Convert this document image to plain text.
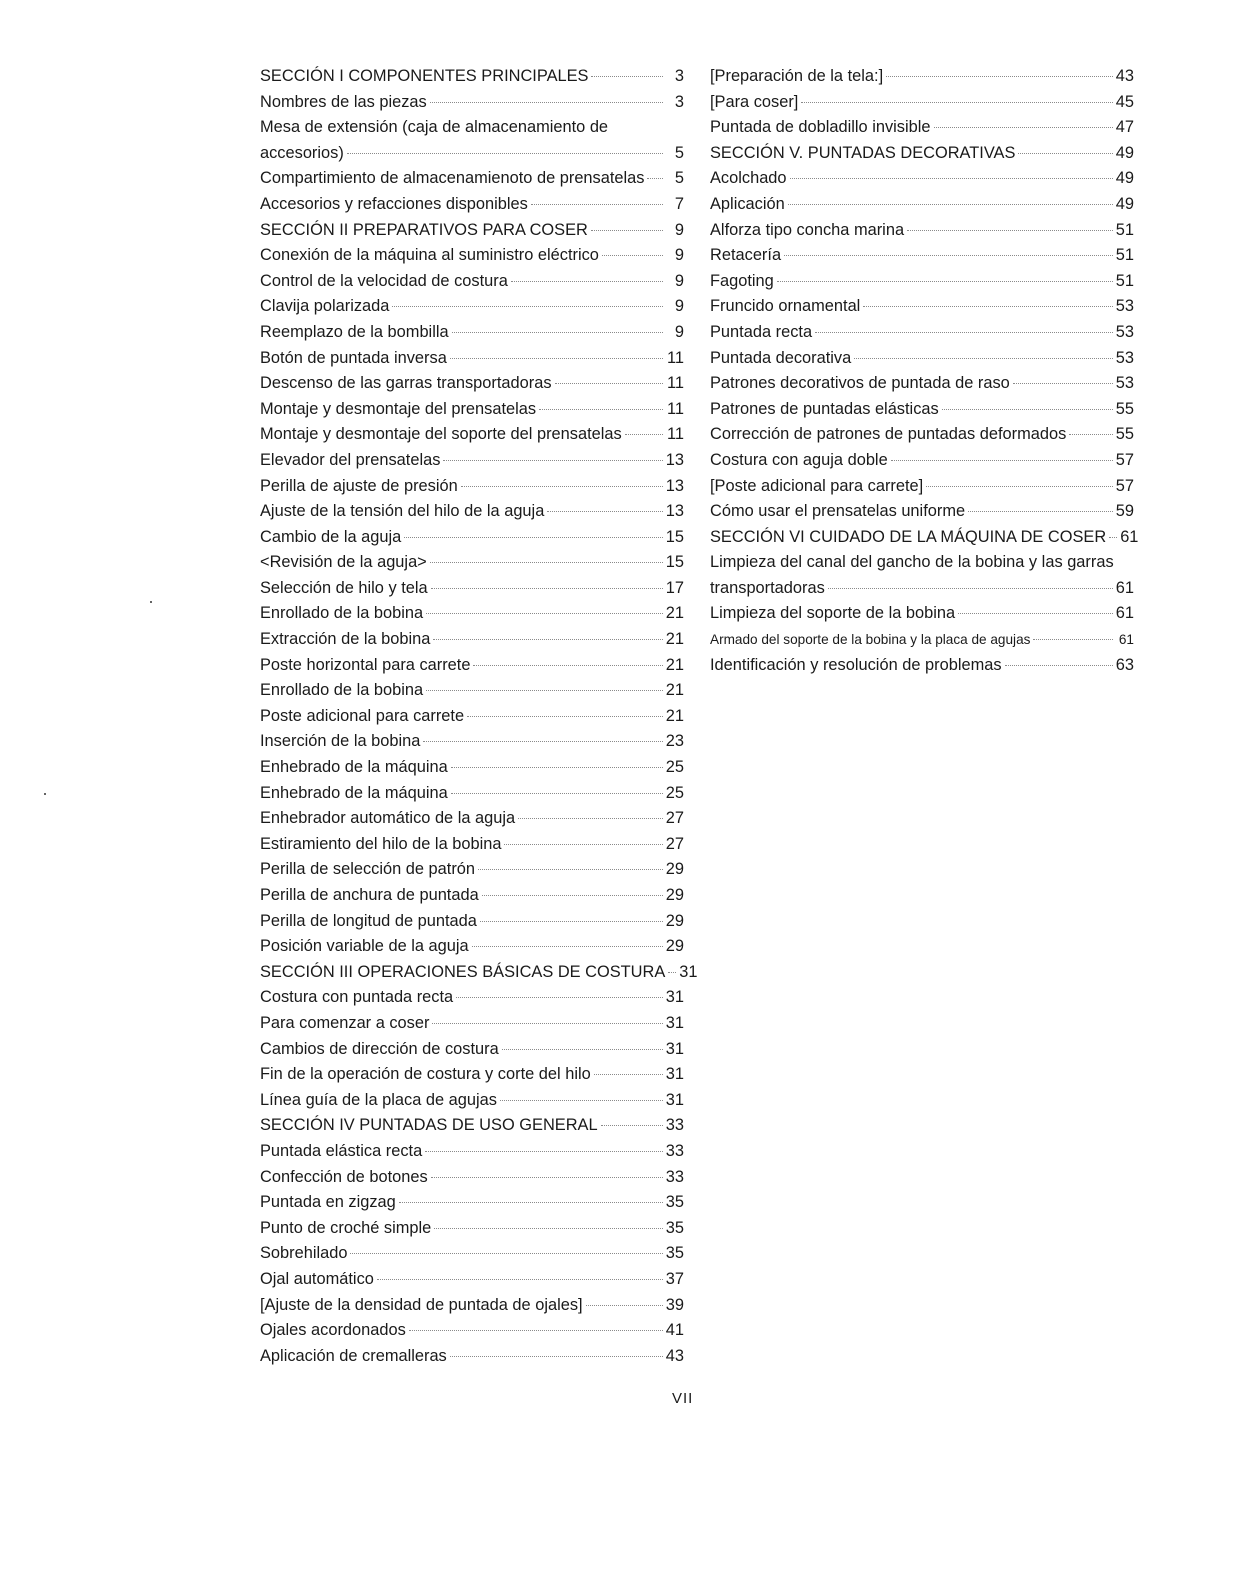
SECCIÓN I COMPONENTES PRINCIPALES	3
Nombres de las piezas	3
Mesa de extensión (caja de almacenamiento de
accesorios)	5
Compartimiento de almacenamienoto de prensatelas	5
Accesorios y refacciones disponibles	7
SECCIÓN II PREPARATIVOS PARA COSER	9
Conexión de la máquina al suministro eléctrico	9
Control de la velocidad de costura	9
Clavija polarizada	9
Reemplazo de la bombilla	9
Botón de puntada inversa	11
Descenso de las garras transportadoras	11
Montaje y desmontaje del prensatelas	11
Montaje y desmontaje del soporte del prensatelas	11
Elevador del prensatelas	13
Perilla de ajuste de presión	13
Ajuste de la tensión del hilo de la aguja	13
Cambio de la aguja	15
<Revisión de la aguja>	15
Selección de hilo y tela	17
Enrollado de la bobina	21
Extracción de la bobina	21
Poste horizontal para carrete	21
Enrollado de la bobina	21
Poste adicional para carrete	21
Inserción de la bobina	23
Enhebrado de la máquina	25
Enhebrado de la máquina	25
Enhebrador automático de la aguja	27
Estiramiento del hilo de la bobina	27
Perilla de selección de patrón	29
Perilla de anchura de puntada	29
Perilla de longitud de puntada	29
Posición variable de la aguja	29
SECCIÓN III OPERACIONES BÁSICAS DE COSTURA 31
Costura con puntada recta	31
Para comenzar a coser	31
Cambios de dirección de costura	31
Fin de la operación de costura y corte del hilo	31
Línea guía de la placa de agujas	31
SECCIÓN IV PUNTADAS DE USO GENERAL	33
Puntada elástica recta	33
Confección de botones	33
Puntada en zigzag	35
Punto de croché simple	35
Sobrehilado	35
Ojal automático	37
[Ajuste de la densidad de puntada de ojales]	39
Ojales acordonados	41
Aplicación de cremalleras	43
[Preparación de la tela:]	43
[Para coser]	45
Puntada de dobladillo invisible	47
SECCIÓN V. PUNTADAS DECORATIVAS	49
Acolchado	49
Aplicación	49
Alforza tipo concha marina	51
Retacería	51
Fagoting	51
Fruncido ornamental	53
Puntada recta	53
Puntada decorativa	53
Patrones decorativos de puntada de raso	53
Patrones de puntadas elásticas	55
Corrección de patrones de puntadas deformados	55
Costura con aguja doble	57
[Poste adicional para carrete]	57
Cómo usar el prensatelas uniforme	59
SECCIÓN VI CUIDADO DE LA MÁQUINA DE COSER 61
Limpieza del canal del gancho de la bobina y las garras
transportadoras	61
Limpieza del soporte de la bobina	61
Armado del soporte de la bobina y la placa de agujas	61
Identificación y resolución de problemas	63
VII
